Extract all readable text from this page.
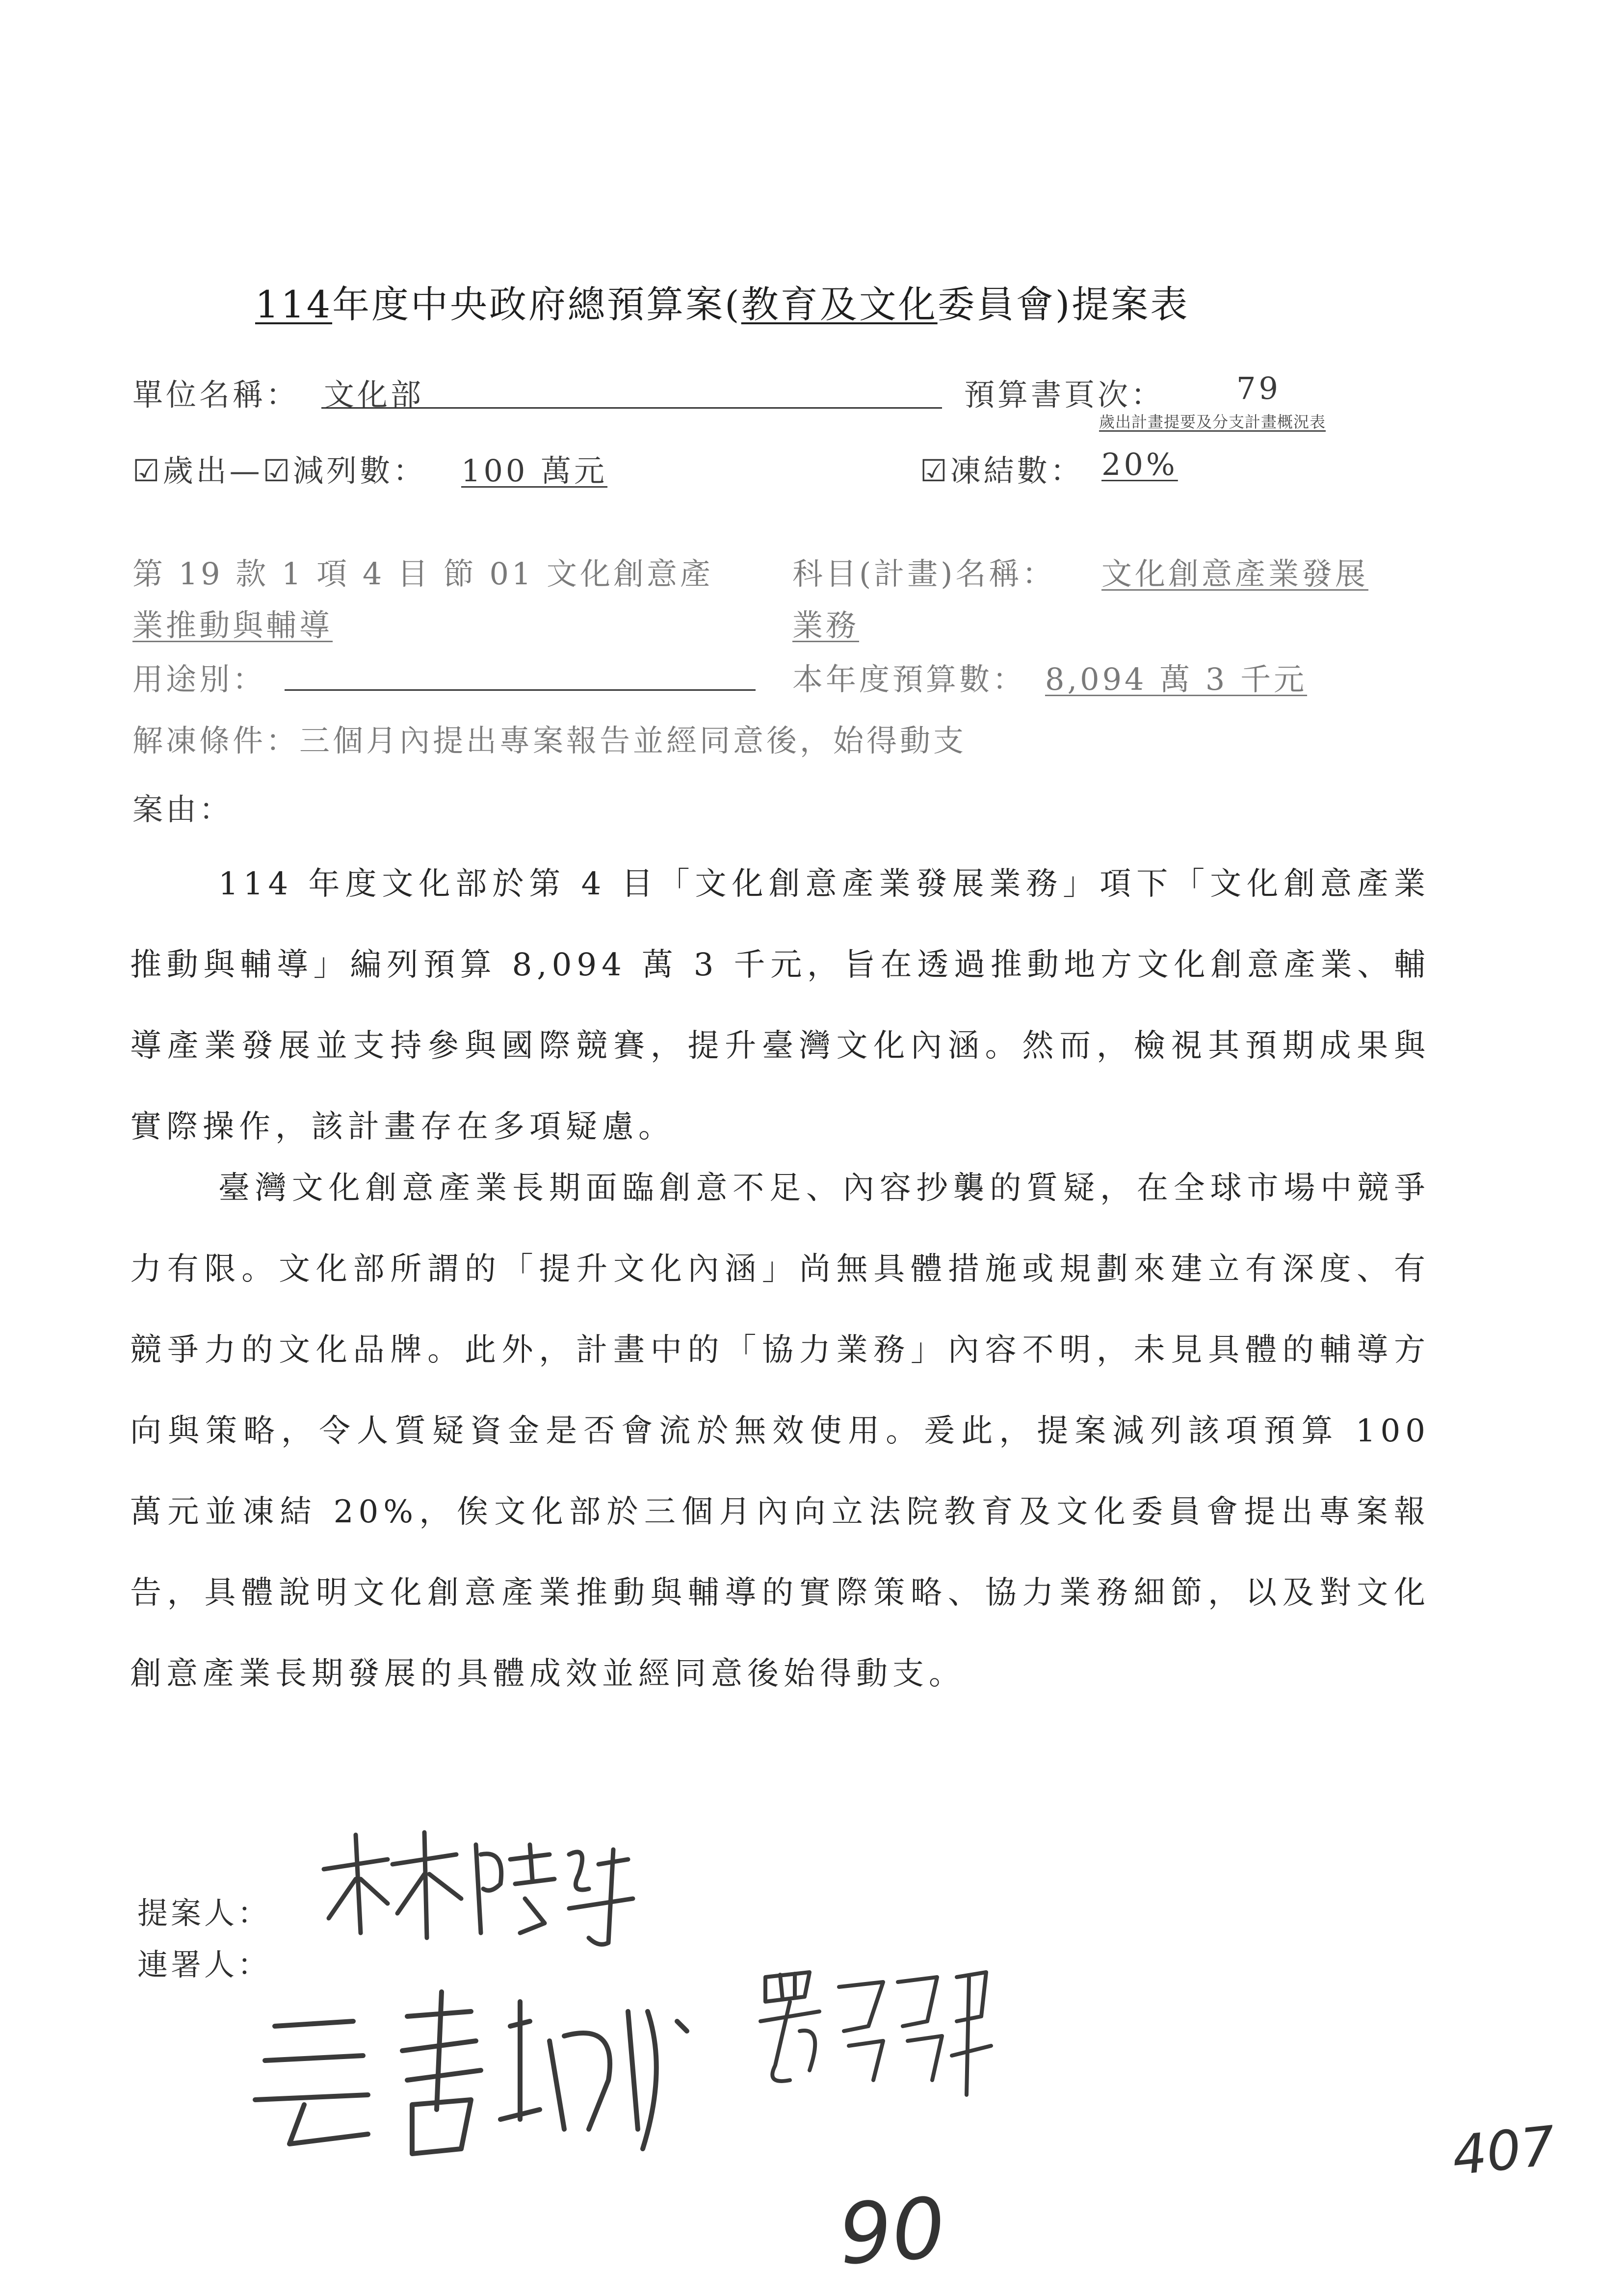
114年度中央政府總預算案(教育及文化委員會)提案表
單位名稱： 文化部	預算書頁次： 79
歲出計畫提要及分支計畫概況表
☑歲出—☑減列數： 100 萬元	☑凍結數： 20%
第 19 款 1 項 4 目 節 01 文化創意產
業推動與輔導
科目(計畫)名稱： 文化創意產業發展
業務
用途別：	本年度預算數： 8,094 萬 3 千元
解凍條件：三個月內提出專案報告並經同意後，始得動支
案由：
114 年度文化部於第 4 目「文化創意產業發展業務」項下「文化創意產業推動與輔導」編列預算 8,094 萬 3 千元，旨在透過推動地方文化創意產業、輔導產業發展並支持參與國際競賽，提升臺灣文化內涵。然而，檢視其預期成果與實際操作，該計畫存在多項疑慮。
臺灣文化創意產業長期面臨創意不足、內容抄襲的質疑，在全球市場中競爭力有限。文化部所謂的「提升文化內涵」尚無具體措施或規劃來建立有深度、有競爭力的文化品牌。此外，計畫中的「協力業務」內容不明，未見具體的輔導方向與策略，令人質疑資金是否會流於無效使用。爰此，提案減列該項預算 100 萬元並凍結 20%，俟文化部於三個月內向立法院教育及文化委員會提出專案報告，具體說明文化創意產業推動與輔導的實際策略、協力業務細節，以及對文化創意產業長期發展的具體成效並經同意後始得動支。
提案人：
連署人：
407
90
